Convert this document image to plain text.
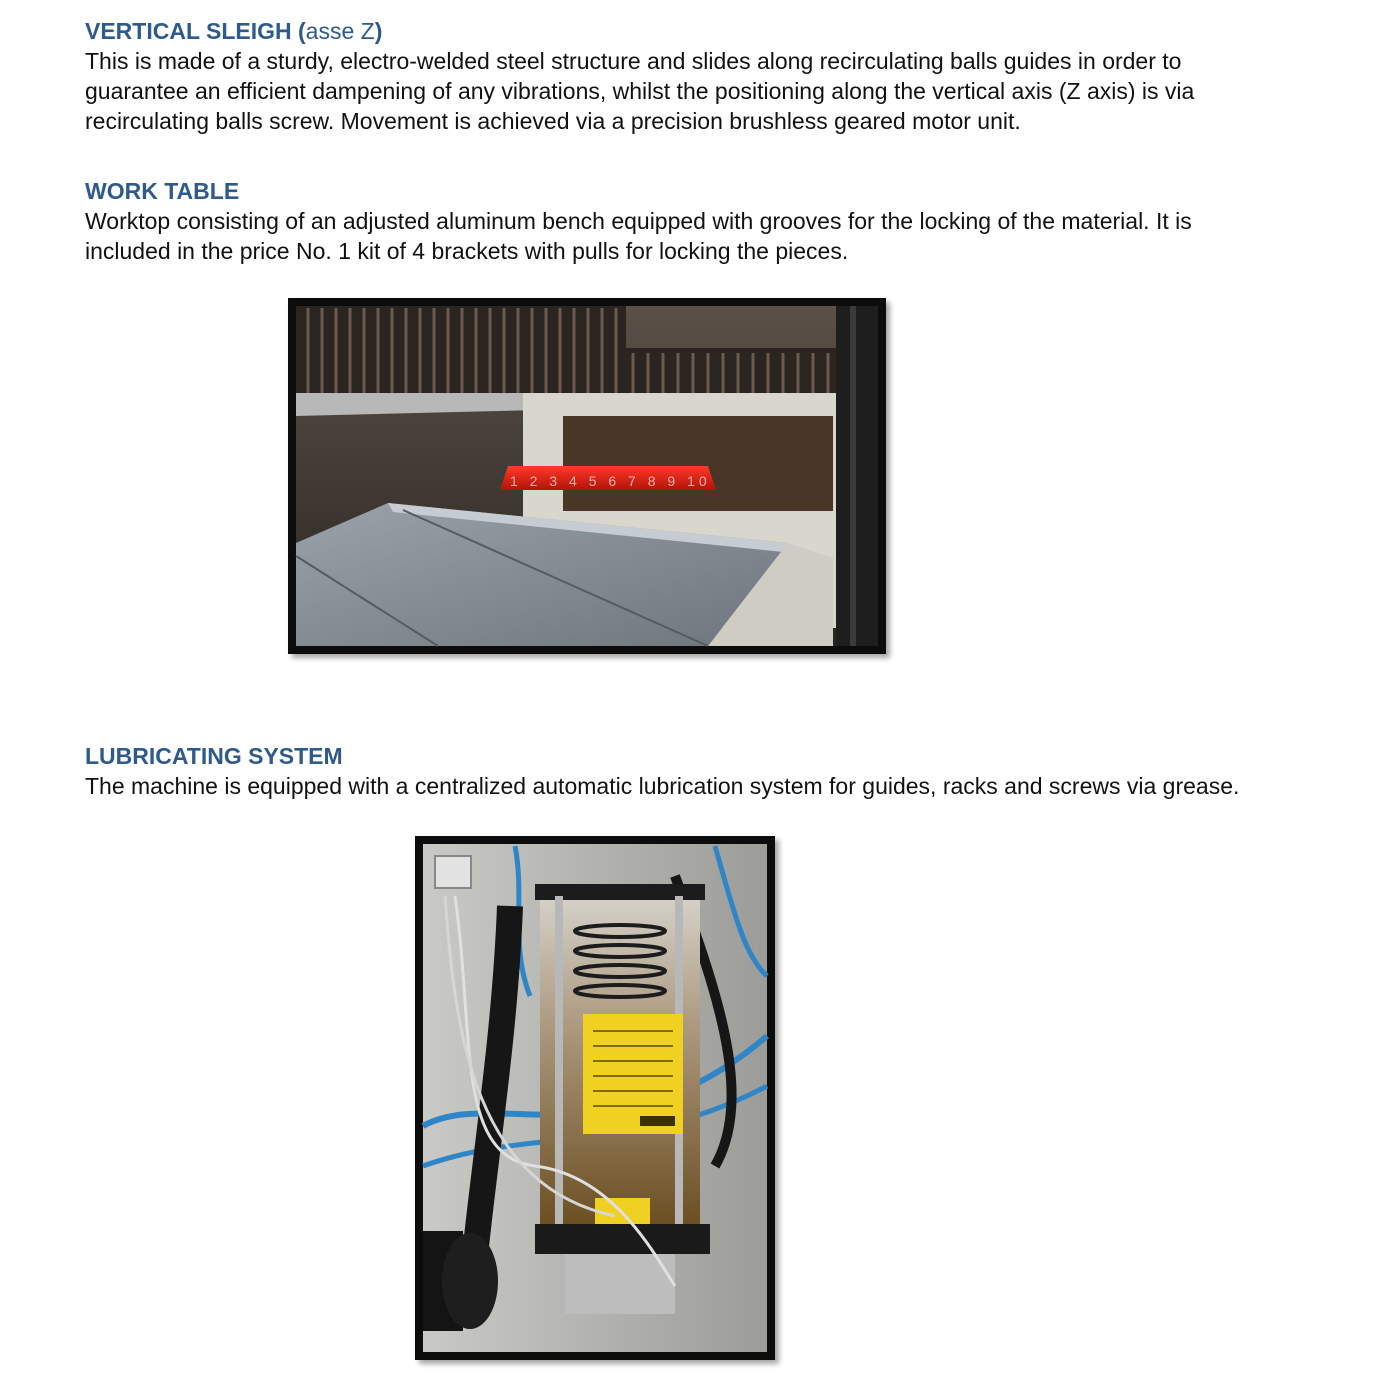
VERTICAL SLEIGH (asse Z)

This is made of a sturdy, electro-welded steel structure and slides along recirculating balls guides in order to

guarantee an efficient dampening of any vibrations, whilst the positioning along the vertical axis (Z axis) is via

recirculating balls screw. Movement is achieved via a precision brushless geared motor unit.

WORK TABLE

Worktop consisting of an adjusted aluminum bench equipped with grooves for the locking of the material. It is

included in the price No. 1 kit of 4 brackets with pulls for locking the pieces.

1 2 3 4 5 6 7 8 9 10
LUBRICATING SYSTEM

The machine is equipped with a centralized automatic lubrication system for guides, racks and screws via grease.
